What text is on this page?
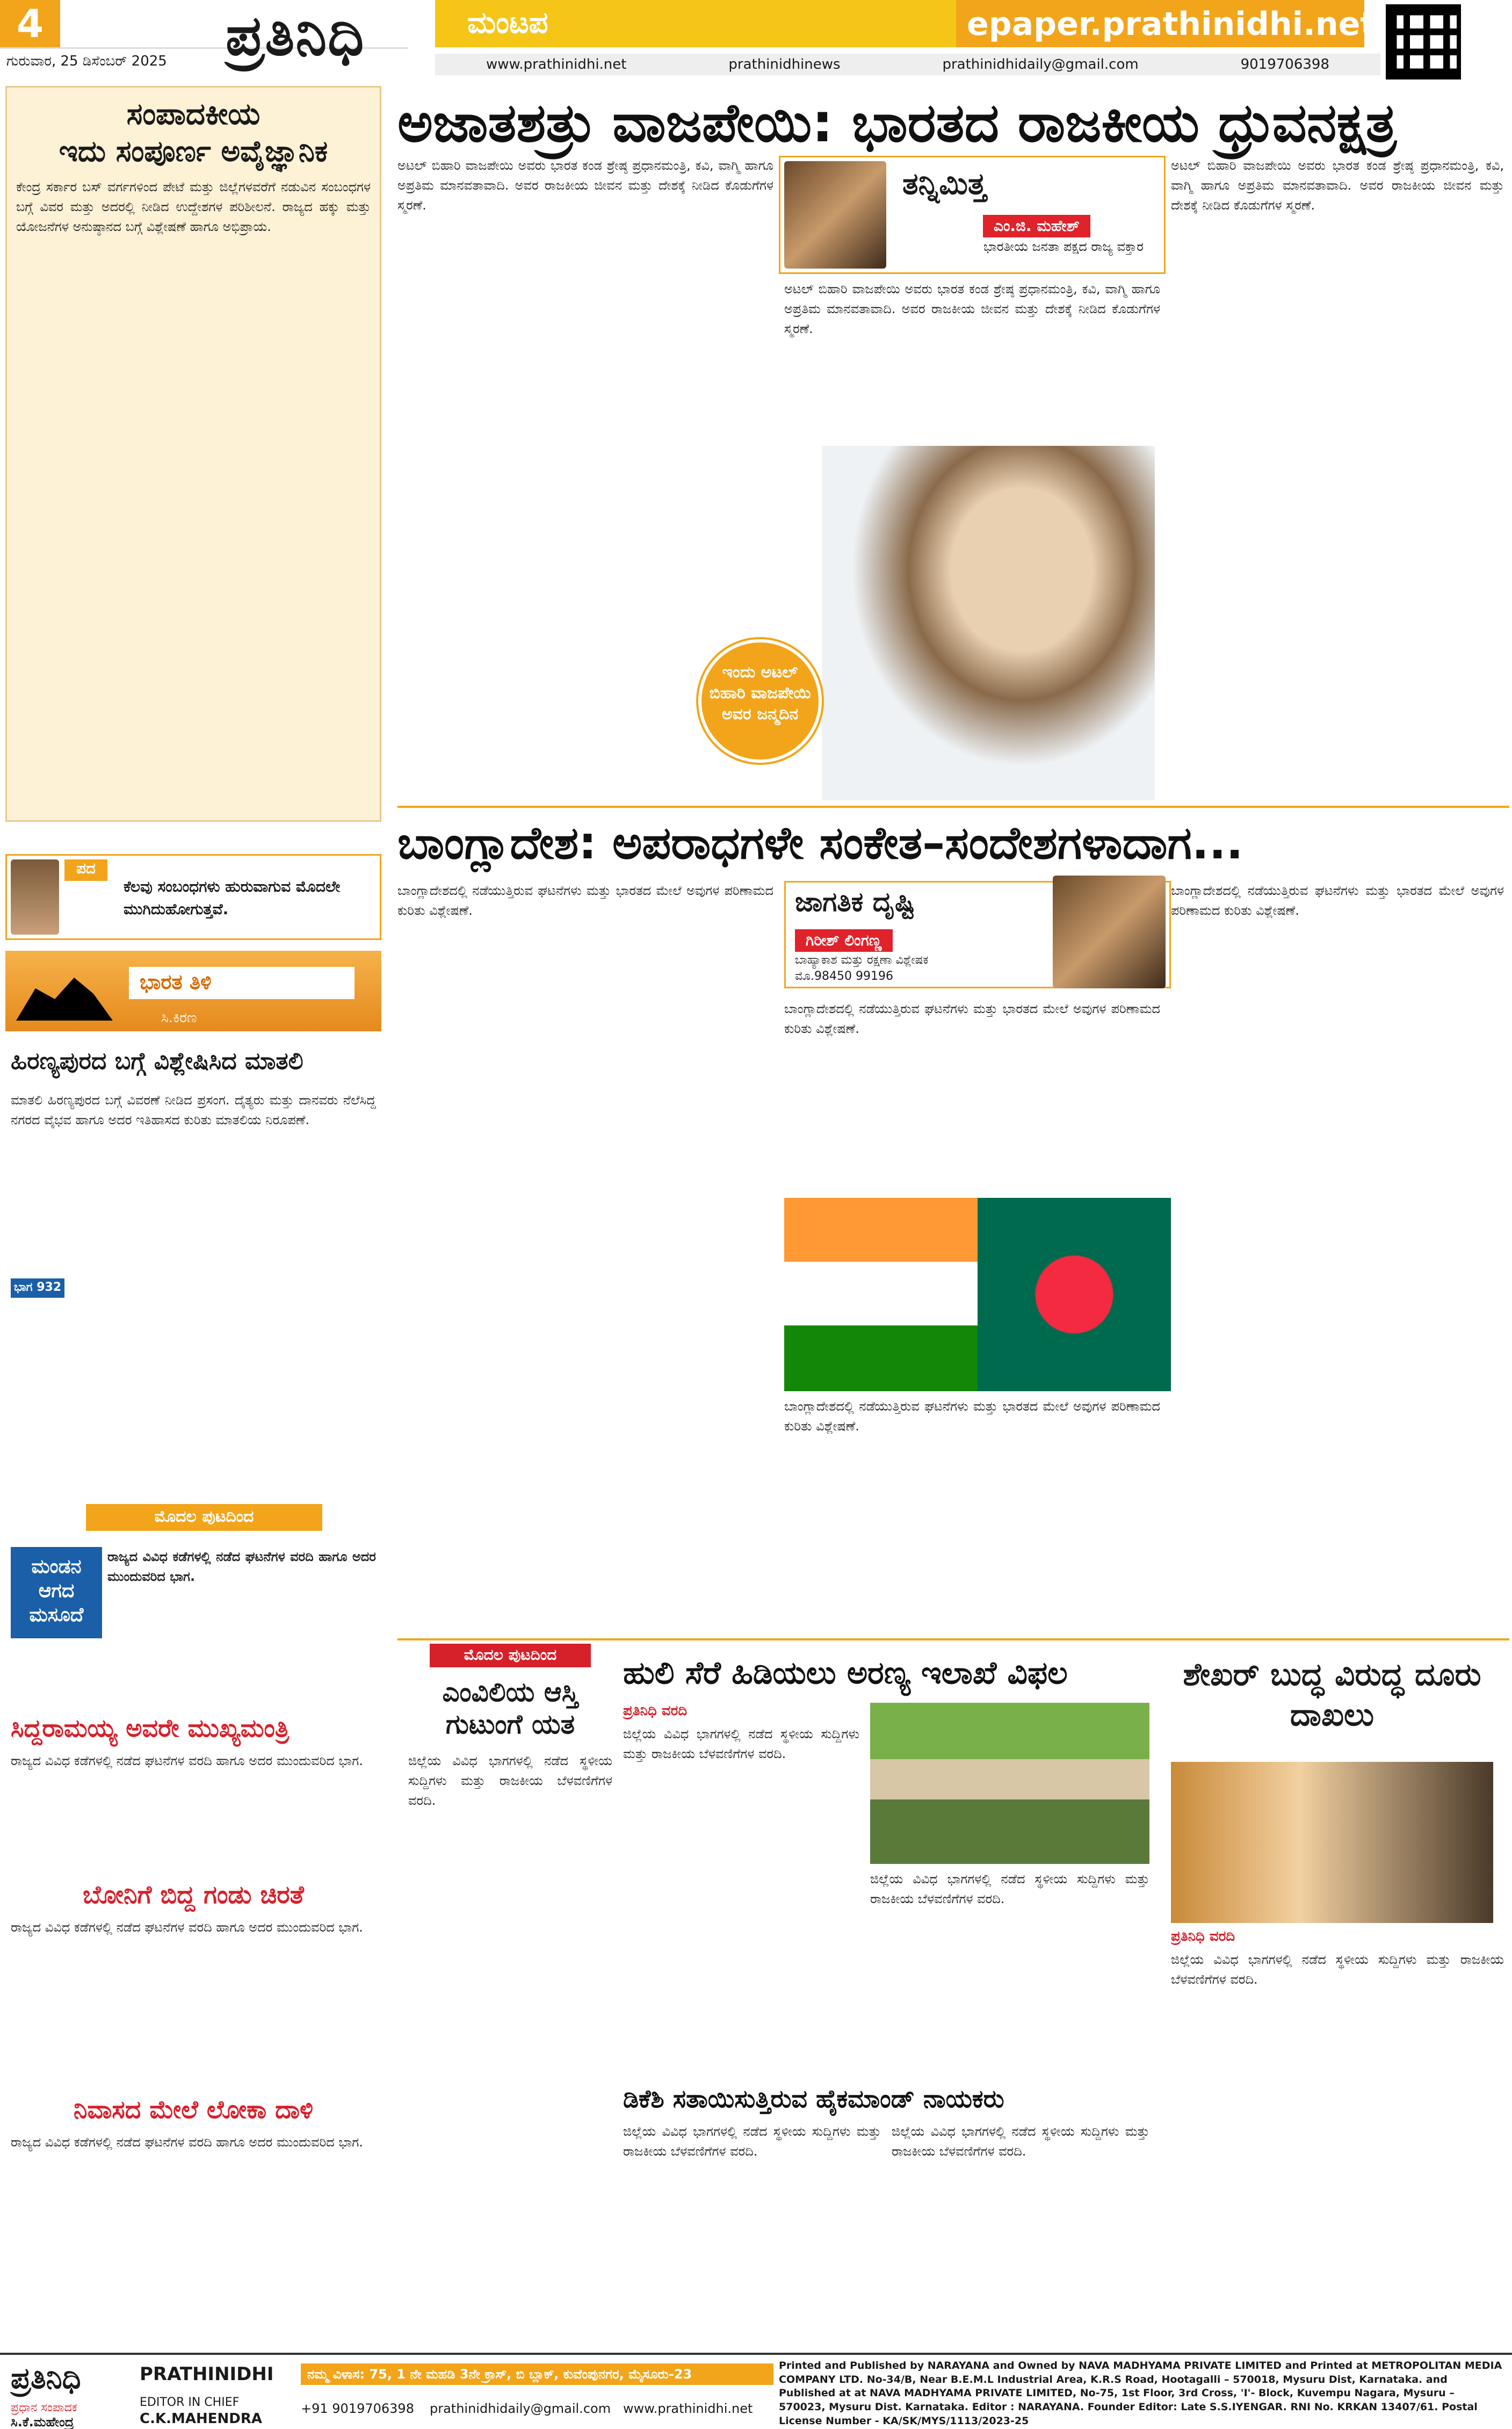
4
ಗುರುವಾರ, 25 ಡಿಸೆಂಬರ್ 2025	ಪ್ರತಿನಿಧಿ	ಮಂಟಪ	epaper.prathinidhi.net
www.prathinidhi.net	prathinidhinews	prathinidhidaily@gmail.com	9019706398
ಸಂಪಾದಕೀಯ
ಇದು ಸಂಪೂರ್ಣ ಅವೈಜ್ಞಾನಿಕ
ಕೇಂದ್ರ ಸರ್ಕಾರ ಬಸ್ ವರ್ಗಗಳಿಂದ ಪೇಟೆ ಮತ್ತು ಜಿಲ್ಲೆಗಳವರೆಗೆ ನಡುವಿನ ಸಂಬಂಧಗಳ ಬಗ್ಗೆ ವಿವರ ಮತ್ತು ಅದರಲ್ಲಿ ನೀಡಿದ ಉದ್ದೇಶಗಳ ಪರಿಶೀಲನೆ. ರಾಜ್ಯದ ಹಕ್ಕು ಮತ್ತು ಯೋಜನೆಗಳ ಅನುಷ್ಠಾನದ ಬಗ್ಗೆ ವಿಶ್ಲೇಷಣೆ ಹಾಗೂ ಅಭಿಪ್ರಾಯ.
ಪದ
ಕೆಲವು ಸಂಬಂಧಗಳು ಹುರುವಾಗುವ ಮೊದಲೇ ಮುಗಿದುಹೋಗುತ್ತವೆ.
ಭಾರತ ತಿಳಿ
ಸಿ.ಕಿರಣ
ಹಿರಣ್ಯಪುರದ ಬಗ್ಗೆ ವಿಶ್ಲೇಷಿಸಿದ ಮಾತಲಿ
ಮಾತಲಿ ಹಿರಣ್ಯಪುರದ ಬಗ್ಗೆ ವಿವರಣೆ ನೀಡಿದ ಪ್ರಸಂಗ. ದೈತ್ಯರು ಮತ್ತು ದಾನವರು ನೆಲೆಸಿದ್ದ ನಗರದ ವೈಭವ ಹಾಗೂ ಅದರ ಇತಿಹಾಸದ ಕುರಿತು ಮಾತಲಿಯ ನಿರೂಪಣೆ.
ಭಾಗ 932
ಮೊದಲ ಪುಟದಿಂದ
ಮಂಡನ ಆಗದ ಮಸೂದೆ
ರಾಜ್ಯದ ವಿವಿಧ ಕಡೆಗಳಲ್ಲಿ ನಡೆದ ಘಟನೆಗಳ ವರದಿ ಹಾಗೂ ಅದರ ಮುಂದುವರಿದ ಭಾಗ.
ಸಿದ್ದರಾಮಯ್ಯ ಅವರೇ ಮುಖ್ಯಮಂತ್ರಿ
ರಾಜ್ಯದ ವಿವಿಧ ಕಡೆಗಳಲ್ಲಿ ನಡೆದ ಘಟನೆಗಳ ವರದಿ ಹಾಗೂ ಅದರ ಮುಂದುವರಿದ ಭಾಗ.
ಬೋನಿಗೆ ಬಿದ್ದ ಗಂಡು ಚಿರತೆ
ರಾಜ್ಯದ ವಿವಿಧ ಕಡೆಗಳಲ್ಲಿ ನಡೆದ ಘಟನೆಗಳ ವರದಿ ಹಾಗೂ ಅದರ ಮುಂದುವರಿದ ಭಾಗ.
ನಿವಾಸದ ಮೇಲೆ ಲೋಕಾ ದಾಳಿ
ರಾಜ್ಯದ ವಿವಿಧ ಕಡೆಗಳಲ್ಲಿ ನಡೆದ ಘಟನೆಗಳ ವರದಿ ಹಾಗೂ ಅದರ ಮುಂದುವರಿದ ಭಾಗ.
ಅಜಾತಶತ್ರು ವಾಜಪೇಯಿ: ಭಾರತದ ರಾಜಕೀಯ ಧ್ರುವನಕ್ಷತ್ರ
ಅಟಲ್ ಬಿಹಾರಿ ವಾಜಪೇಯಿ ಅವರು ಭಾರತ ಕಂಡ ಶ್ರೇಷ್ಠ ಪ್ರಧಾನಮಂತ್ರಿ, ಕವಿ, ವಾಗ್ಮಿ ಹಾಗೂ ಅಪ್ರತಿಮ ಮಾನವತಾವಾದಿ. ಅವರ ರಾಜಕೀಯ ಜೀವನ ಮತ್ತು ದೇಶಕ್ಕೆ ನೀಡಿದ ಕೊಡುಗೆಗಳ ಸ್ಮರಣೆ.
ತನ್ನಿಮಿತ್ತ
ಎಂ.ಜಿ. ಮಹೇಶ್
ಭಾರತೀಯ ಜನತಾ ಪಕ್ಷದ ರಾಜ್ಯ ವಕ್ತಾರ
ಅಟಲ್ ಬಿಹಾರಿ ವಾಜಪೇಯಿ ಅವರು ಭಾರತ ಕಂಡ ಶ್ರೇಷ್ಠ ಪ್ರಧಾನಮಂತ್ರಿ, ಕವಿ, ವಾಗ್ಮಿ ಹಾಗೂ ಅಪ್ರತಿಮ ಮಾನವತಾವಾದಿ. ಅವರ ರಾಜಕೀಯ ಜೀವನ ಮತ್ತು ದೇಶಕ್ಕೆ ನೀಡಿದ ಕೊಡುಗೆಗಳ ಸ್ಮರಣೆ.
ಇಂದು ಅಟಲ್ ಬಿಹಾರಿ ವಾಜಪೇಯಿ ಅವರ ಜನ್ಮದಿನ
ಅಟಲ್ ಬಿಹಾರಿ ವಾಜಪೇಯಿ ಅವರು ಭಾರತ ಕಂಡ ಶ್ರೇಷ್ಠ ಪ್ರಧಾನಮಂತ್ರಿ, ಕವಿ, ವಾಗ್ಮಿ ಹಾಗೂ ಅಪ್ರತಿಮ ಮಾನವತಾವಾದಿ. ಅವರ ರಾಜಕೀಯ ಜೀವನ ಮತ್ತು ದೇಶಕ್ಕೆ ನೀಡಿದ ಕೊಡುಗೆಗಳ ಸ್ಮರಣೆ.
ಬಾಂಗ್ಲಾದೇಶ: ಅಪರಾಧಗಳೇ ಸಂಕೇತ–ಸಂದೇಶಗಳಾದಾಗ...
ಬಾಂಗ್ಲಾದೇಶದಲ್ಲಿ ನಡೆಯುತ್ತಿರುವ ಘಟನೆಗಳು ಮತ್ತು ಭಾರತದ ಮೇಲೆ ಅವುಗಳ ಪರಿಣಾಮದ ಕುರಿತು ವಿಶ್ಲೇಷಣೆ.	ಜಾಗತಿಕ ದೃಷ್ಟಿ
ಗಿರೀಶ್ ಲಿಂಗಣ್ಣ
ಬಾಹ್ಯಾಕಾಶ ಮತ್ತು ರಕ್ಷಣಾ ವಿಶ್ಲೇಷಕ
ಮೊ.98450 99196
ಬಾಂಗ್ಲಾದೇಶದಲ್ಲಿ ನಡೆಯುತ್ತಿರುವ ಘಟನೆಗಳು ಮತ್ತು ಭಾರತದ ಮೇಲೆ ಅವುಗಳ ಪರಿಣಾಮದ ಕುರಿತು ವಿಶ್ಲೇಷಣೆ.
ಬಾಂಗ್ಲಾದೇಶದಲ್ಲಿ ನಡೆಯುತ್ತಿರುವ ಘಟನೆಗಳು ಮತ್ತು ಭಾರತದ ಮೇಲೆ ಅವುಗಳ ಪರಿಣಾಮದ ಕುರಿತು ವಿಶ್ಲೇಷಣೆ.
ಬಾಂಗ್ಲಾದೇಶದಲ್ಲಿ ನಡೆಯುತ್ತಿರುವ ಘಟನೆಗಳು ಮತ್ತು ಭಾರತದ ಮೇಲೆ ಅವುಗಳ ಪರಿಣಾಮದ ಕುರಿತು ವಿಶ್ಲೇಷಣೆ.
ಮೊದಲ ಪುಟದಿಂದ
ಎಂವಿಲಿಯ ಆಸ್ತಿ ಗುಟುಂಗೆ ಯತ
ಜಿಲ್ಲೆಯ ವಿವಿಧ ಭಾಗಗಳಲ್ಲಿ ನಡೆದ ಸ್ಥಳೀಯ ಸುದ್ದಿಗಳು ಮತ್ತು ರಾಜಕೀಯ ಬೆಳವಣಿಗೆಗಳ ವರದಿ.
ಹುಲಿ ಸೆರೆ ಹಿಡಿಯಲು ಅರಣ್ಯ ಇಲಾಖೆ ವಿಫಲ
ಪ್ರತಿನಿಧಿ ವರದಿ
ಜಿಲ್ಲೆಯ ವಿವಿಧ ಭಾಗಗಳಲ್ಲಿ ನಡೆದ ಸ್ಥಳೀಯ ಸುದ್ದಿಗಳು ಮತ್ತು ರಾಜಕೀಯ ಬೆಳವಣಿಗೆಗಳ ವರದಿ.
ಜಿಲ್ಲೆಯ ವಿವಿಧ ಭಾಗಗಳಲ್ಲಿ ನಡೆದ ಸ್ಥಳೀಯ ಸುದ್ದಿಗಳು ಮತ್ತು ರಾಜಕೀಯ ಬೆಳವಣಿಗೆಗಳ ವರದಿ.
ಡಿಕೆಶಿ ಸತಾಯಿಸುತ್ತಿರುವ ಹೈಕಮಾಂಡ್ ನಾಯಕರು
ಜಿಲ್ಲೆಯ ವಿವಿಧ ಭಾಗಗಳಲ್ಲಿ ನಡೆದ ಸ್ಥಳೀಯ ಸುದ್ದಿಗಳು ಮತ್ತು ರಾಜಕೀಯ ಬೆಳವಣಿಗೆಗಳ ವರದಿ.
ಜಿಲ್ಲೆಯ ವಿವಿಧ ಭಾಗಗಳಲ್ಲಿ ನಡೆದ ಸ್ಥಳೀಯ ಸುದ್ದಿಗಳು ಮತ್ತು ರಾಜಕೀಯ ಬೆಳವಣಿಗೆಗಳ ವರದಿ.
ಶೇಖರ್ ಬುದ್ಧ ವಿರುದ್ಧ ದೂರು ದಾಖಲು
ಪ್ರತಿನಿಧಿ ವರದಿ
ಜಿಲ್ಲೆಯ ವಿವಿಧ ಭಾಗಗಳಲ್ಲಿ ನಡೆದ ಸ್ಥಳೀಯ ಸುದ್ದಿಗಳು ಮತ್ತು ರಾಜಕೀಯ ಬೆಳವಣಿಗೆಗಳ ವರದಿ.
ಪ್ರತಿನಿಧಿ	PRATHINIDHI
ಪ್ರಧಾನ ಸಂಪಾದಕ
ಸಿ.ಕೆ.ಮಹೇಂದ್ರ
EDITOR IN CHIEF
C.K.MAHENDRA
ನಮ್ಮ ವಿಳಾಸ: 75, 1 ನೇ ಮಹಡಿ 3ನೇ ಕ್ರಾಸ್, ಬಿ ಬ್ಲಾಕ್, ಕುವೆಂಪುನಗರ, ಮೈಸೂರು-23
+91 9019706398 prathinidhidaily@gmail.com www.prathinidhi.net
Printed and Published by NARAYANA and Owned by NAVA MADHYAMA PRIVATE LIMITED and Printed at METROPOLITAN MEDIA COMPANY LTD. No-34/B, Near B.E.M.L Industrial Area, K.R.S Road, Hootagalli – 570018, Mysuru Dist, Karnataka. and Published at at NAVA MADHYAMA PRIVATE LIMITED, No-75, 1st Floor, 3rd Cross, 'I'- Block, Kuvempu Nagara, Mysuru – 570023, Mysuru Dist. Karnataka. Editor : NARAYANA. Founder Editor: Late S.S.IYENGAR. RNI No. KRKAN 13407/61. Postal License Number - KA/SK/MYS/1113/2023-25
